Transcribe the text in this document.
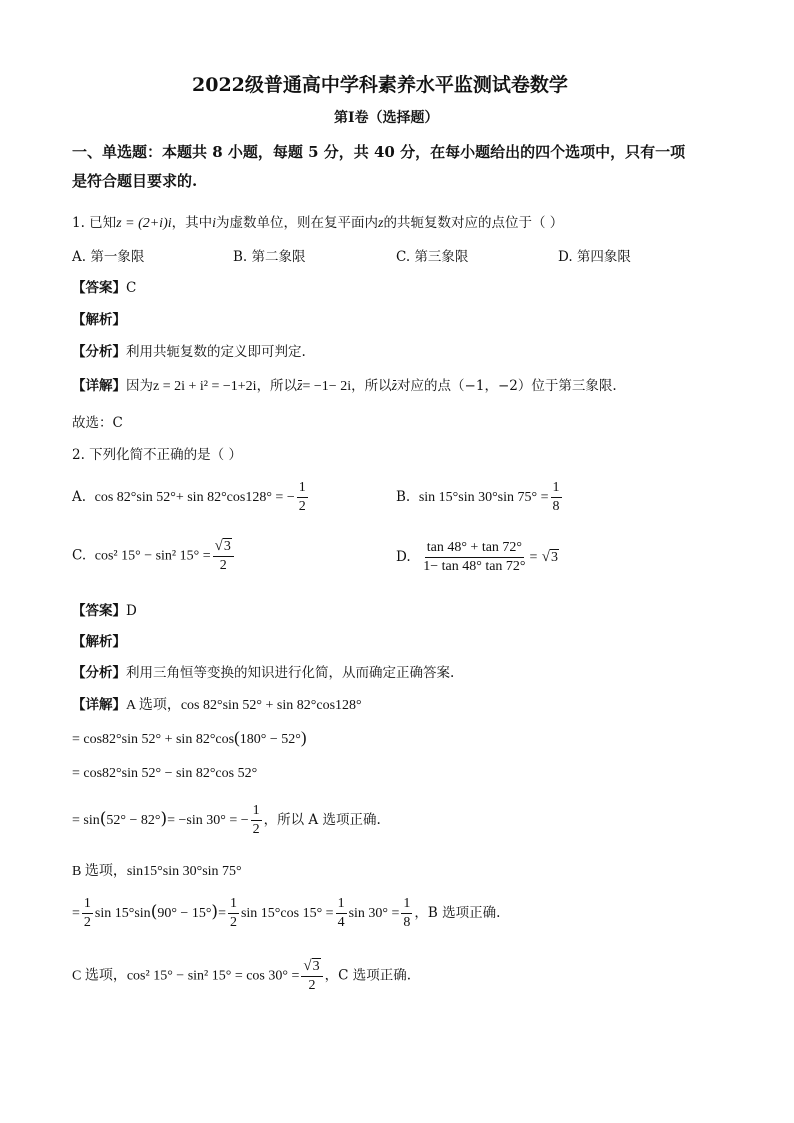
2022级普通高中学科素养水平监测试卷数学
第Ⅰ卷（选择题）
一、单选题：本题共 8 小题，每题 5 分，共 40 分，在每小题给出的四个选项中，只有一项
是符合题目要求的.
1. 已知z = (2+i)i，其中i为虚数单位，则在复平面内z的共轭复数对应的点位于（ ）
A. 第一象限	B. 第二象限	C. 第三象限	D. 第四象限
【答案】C
【解析】
【分析】利用共轭复数的定义即可判定.
【详解】因为z = 2i + i² = −1+2i，所以z= −1− 2i，所以z对应的点（−1，−2）位于第三象限.
故选：C
2. 下列化简不正确的是（ ）
A. cos 82°sin 52°+ sin 82°cos128° = − $\frac{1}{2}$	B. sin 15°sin 30°sin $75^\circ = \frac{1}{8}$
C. cos² 15° − sin² $15^\circ = \frac{√ 3}{2}$	D. $\frac{\tan 48^\circ + \tan 72^\circ}{1- \tan 48^\circ \tan 72^\circ}$ = √ 3
【答案】D
【解析】
【分析】利用三角恒等变换的知识进行化简，从而确定正确答案.
【详解】A 选项，cos 82°sin 52° + sin 82°cos128°
= cos82°sin 52° + sin 82°cos(180° − 52°)
= cos82°sin 52° − sin 82°cos 52°
= sin(52° − 82°)= −sin 30° = − $\frac{1}{2}$ ，所以 A 选项正确.
B 选项，sin15°sin 30°sin 75°
= $\frac{1}{2}$ $\sin 15^\circ\sin(90^\circ - 15^\circ)= \frac{1}{2}$ sin 15°cos $15^\circ = \frac{1}{4}$ $\sin 30^\circ = \frac{1}{8}$ ，B 选项正确.
C 选项，cos² 15° − sin² $15^\circ = \cos 30^\circ = \frac{√ 3}{2}$ ，C 选项正确.
